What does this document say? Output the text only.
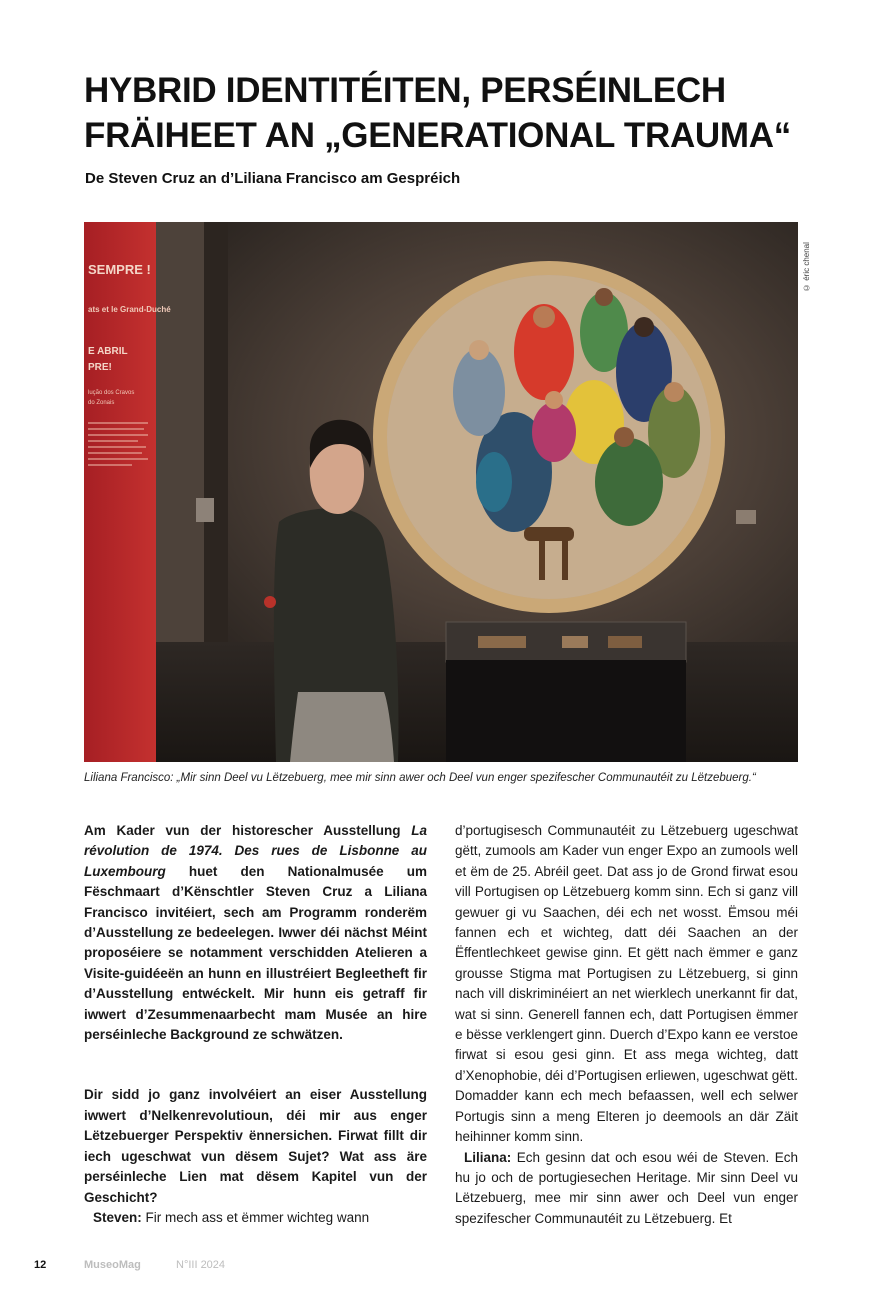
HYBRID IDENTITÉITEN, PERSÉINLECH
FRÄIHEET AN „GENERATIONAL TRAUMA“
De Steven Cruz an d’Liliana Francisco am Gespréich
SEMPRE !
ats et le Grand-Duché
E ABRIL
PRE!
lução dos Cravos
do Zonais
© éric chenal
Liliana Francisco: „Mir sinn Deel vu Lëtzebuerg, mee mir sinn awer och Deel vun enger spezifescher Communautéit zu Lëtzebuerg.“

Am Kader vun der historescher Ausstellung La révolution de 1974. Des rues de Lisbonne au Luxembourg huet den Nationalmusée um Fëschmaart d’Kënschtler Steven Cruz a Liliana Francisco invitéiert, sech am Programm ronderëm d’Ausstellung ze bedeelegen. Iwwer déi nächst Méint proposéiere se notamment verschidden Atelieren a Visite-guidéeën an hunn en illustréiert Begleetheft fir d’Ausstellung entwéckelt. Mir hunn eis getraff fir iwwert d’Zesummenaarbecht mam Musée an hire perséinleche Background ze schwätzen.

Dir sidd jo ganz involvéiert an eiser Ausstellung iwwert d’Nelkenrevolutioun, déi mir aus enger Lëtzebuerger Perspektiv ënnersichen. Firwat fillt dir iech ugeschwat vun dësem Sujet? Wat ass äre perséinleche Lien mat dësem Kapitel vun der Geschicht?

Steven: Fir mech ass et ëmmer wichteg wann

d’portugisesch Communautéit zu Lëtzebuerg ugeschwat gëtt, zumools am Kader vun enger Expo an zumools well et ëm de 25. Abréil geet. Dat ass jo de Grond firwat esou vill Portugisen op Lëtzebuerg komm sinn. Ech si ganz vill gewuer gi vu Saachen, déi ech net wosst. Ëmsou méi fannen ech et wichteg, datt déi Saachen an der Ëffentlechkeet gewise ginn. Et gëtt nach ëmmer e ganz grousse Stigma mat Portugisen zu Lëtzebuerg, si ginn nach vill diskriminéiert an net wierklech unerkannt fir dat, wat si sinn. Generell fannen ech, datt Portugisen ëmmer e bësse verklengert ginn. Duerch d’Expo kann ee verstoe firwat si esou gesi ginn. Et ass mega wichteg, datt d’Xenophobie, déi d’Portugisen erliewen, ugeschwat gëtt. Domadder kann ech mech befaassen, well ech selwer Portugis sinn a meng Elteren jo deemools an där Zäit heihinner komm sinn.

Liliana: Ech gesinn dat och esou wéi de Steven. Ech hu jo och de portugiesechen Heritage. Mir sinn Deel vu Lëtzebuerg, mee mir sinn awer och Deel vun enger spezifescher Communautéit zu Lëtzebuerg. Et

12	MuseoMag	N°III 2024
